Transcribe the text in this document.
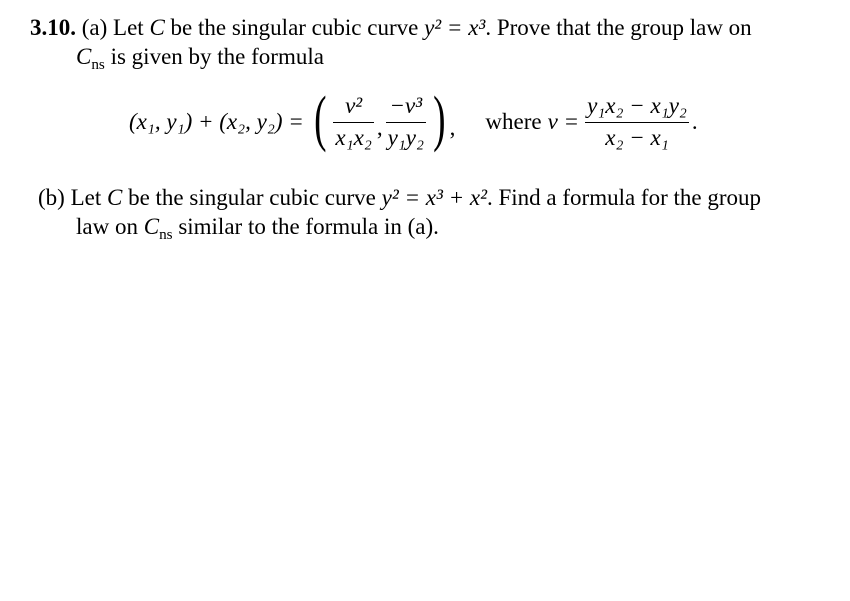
3.10. (a) Let C be the singular cubic curve y² = x³. Prove that the group law on
$C_{ns}$ is given by the formula
(x₁, y₁) + (x₂, y₂) = ( $\frac{\text{ν²}}{\text{x₁x₂}}$ , $\frac{\text{−ν³}}{\text{y₁y₂}}$ ) , where $\nu = \frac{\text{y₁x₂ − x₁y₂}}{\text{x₂ − x₁}}$ .
(b) Let C be the singular cubic curve y² = x³ + x². Find a formula for the group
law on $C_{ns}$ similar to the formula in (a).
